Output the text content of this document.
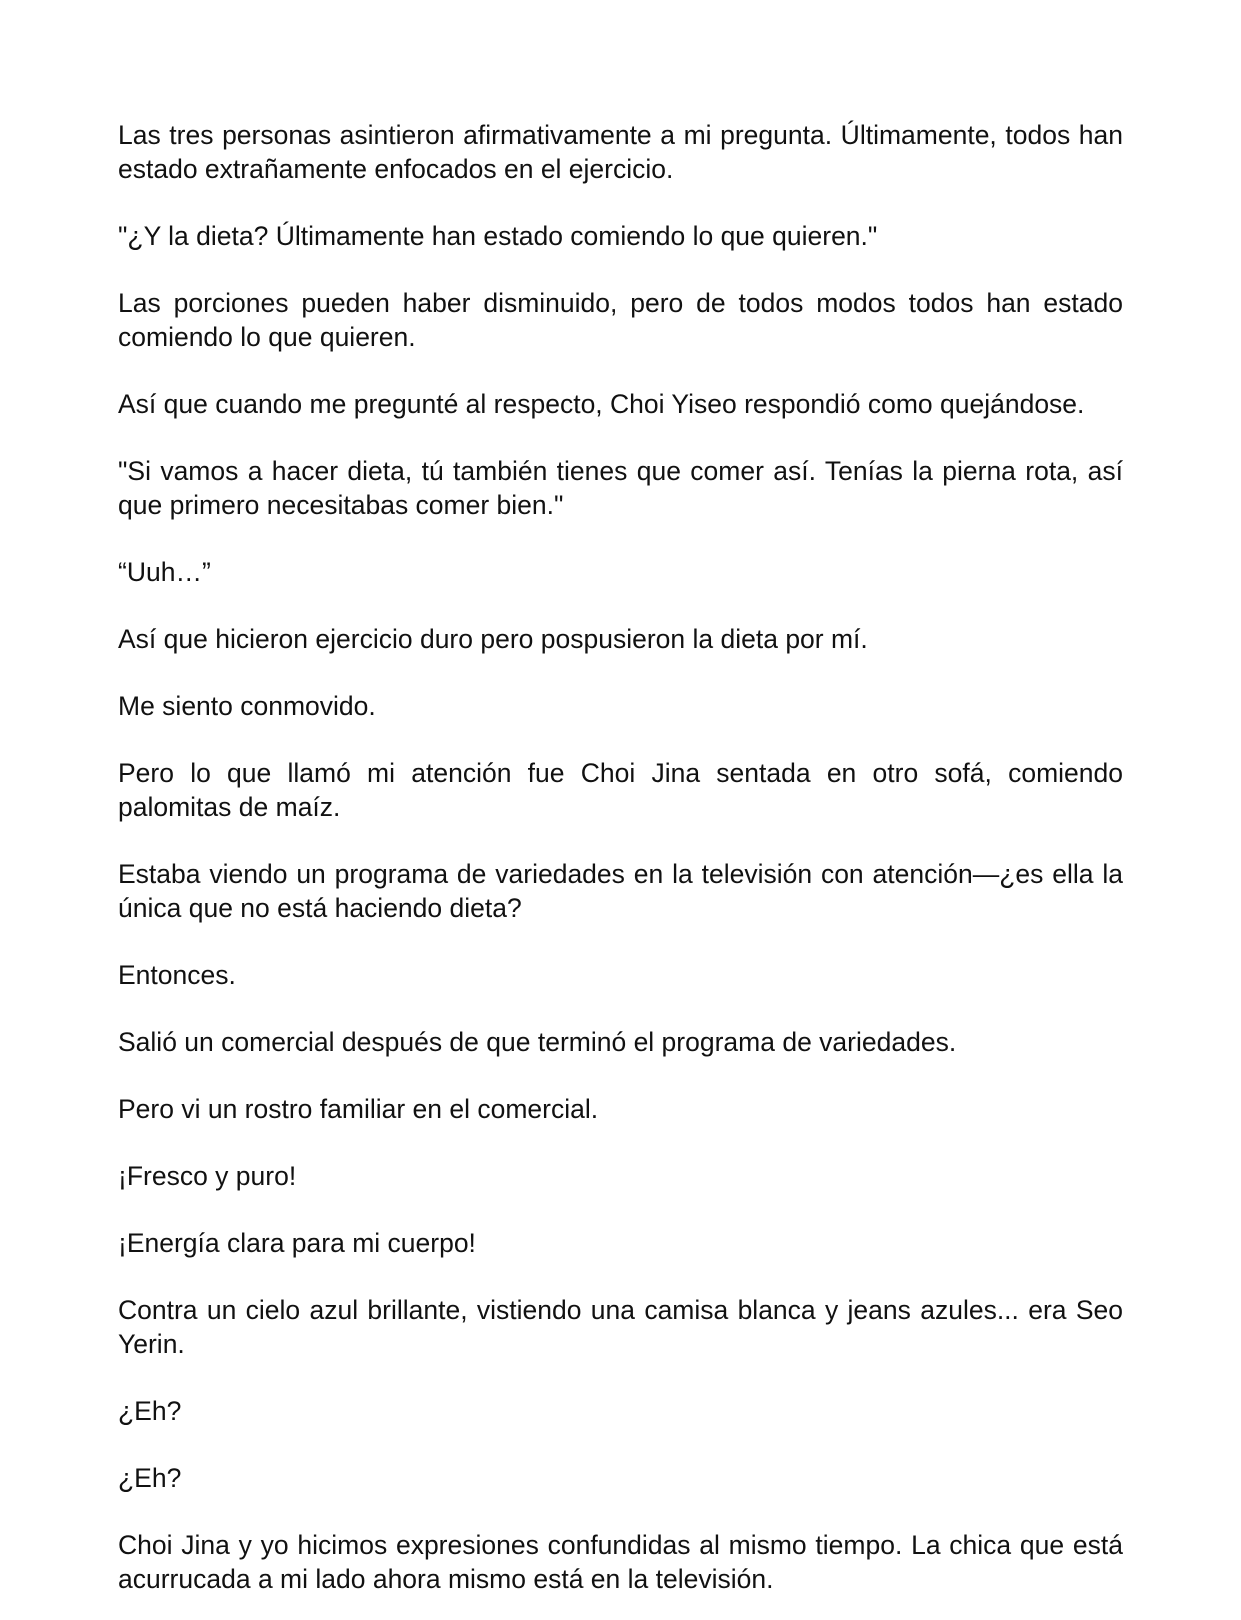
Las tres personas asintieron afirmativamente a mi pregunta. Últimamente, todos han estado extrañamente enfocados en el ejercicio.

"¿Y la dieta? Últimamente han estado comiendo lo que quieren."

Las porciones pueden haber disminuido, pero de todos modos todos han estado comiendo lo que quieren.

Así que cuando me pregunté al respecto, Choi Yiseo respondió como quejándose.

"Si vamos a hacer dieta, tú también tienes que comer así. Tenías la pierna rota, así que primero necesitabas comer bien."

“Uuh…”

Así que hicieron ejercicio duro pero pospusieron la dieta por mí.

Me siento conmovido.

Pero lo que llamó mi atención fue Choi Jina sentada en otro sofá, comiendo palomitas de maíz.

Estaba viendo un programa de variedades en la televisión con atención—¿es ella la única que no está haciendo dieta?

Entonces.

Salió un comercial después de que terminó el programa de variedades.

Pero vi un rostro familiar en el comercial.

¡Fresco y puro!

¡Energía clara para mi cuerpo!

Contra un cielo azul brillante, vistiendo una camisa blanca y jeans azules... era Seo Yerin.

¿Eh?

¿Eh?

Choi Jina y yo hicimos expresiones confundidas al mismo tiempo. La chica que está acurrucada a mi lado ahora mismo está en la televisión.
